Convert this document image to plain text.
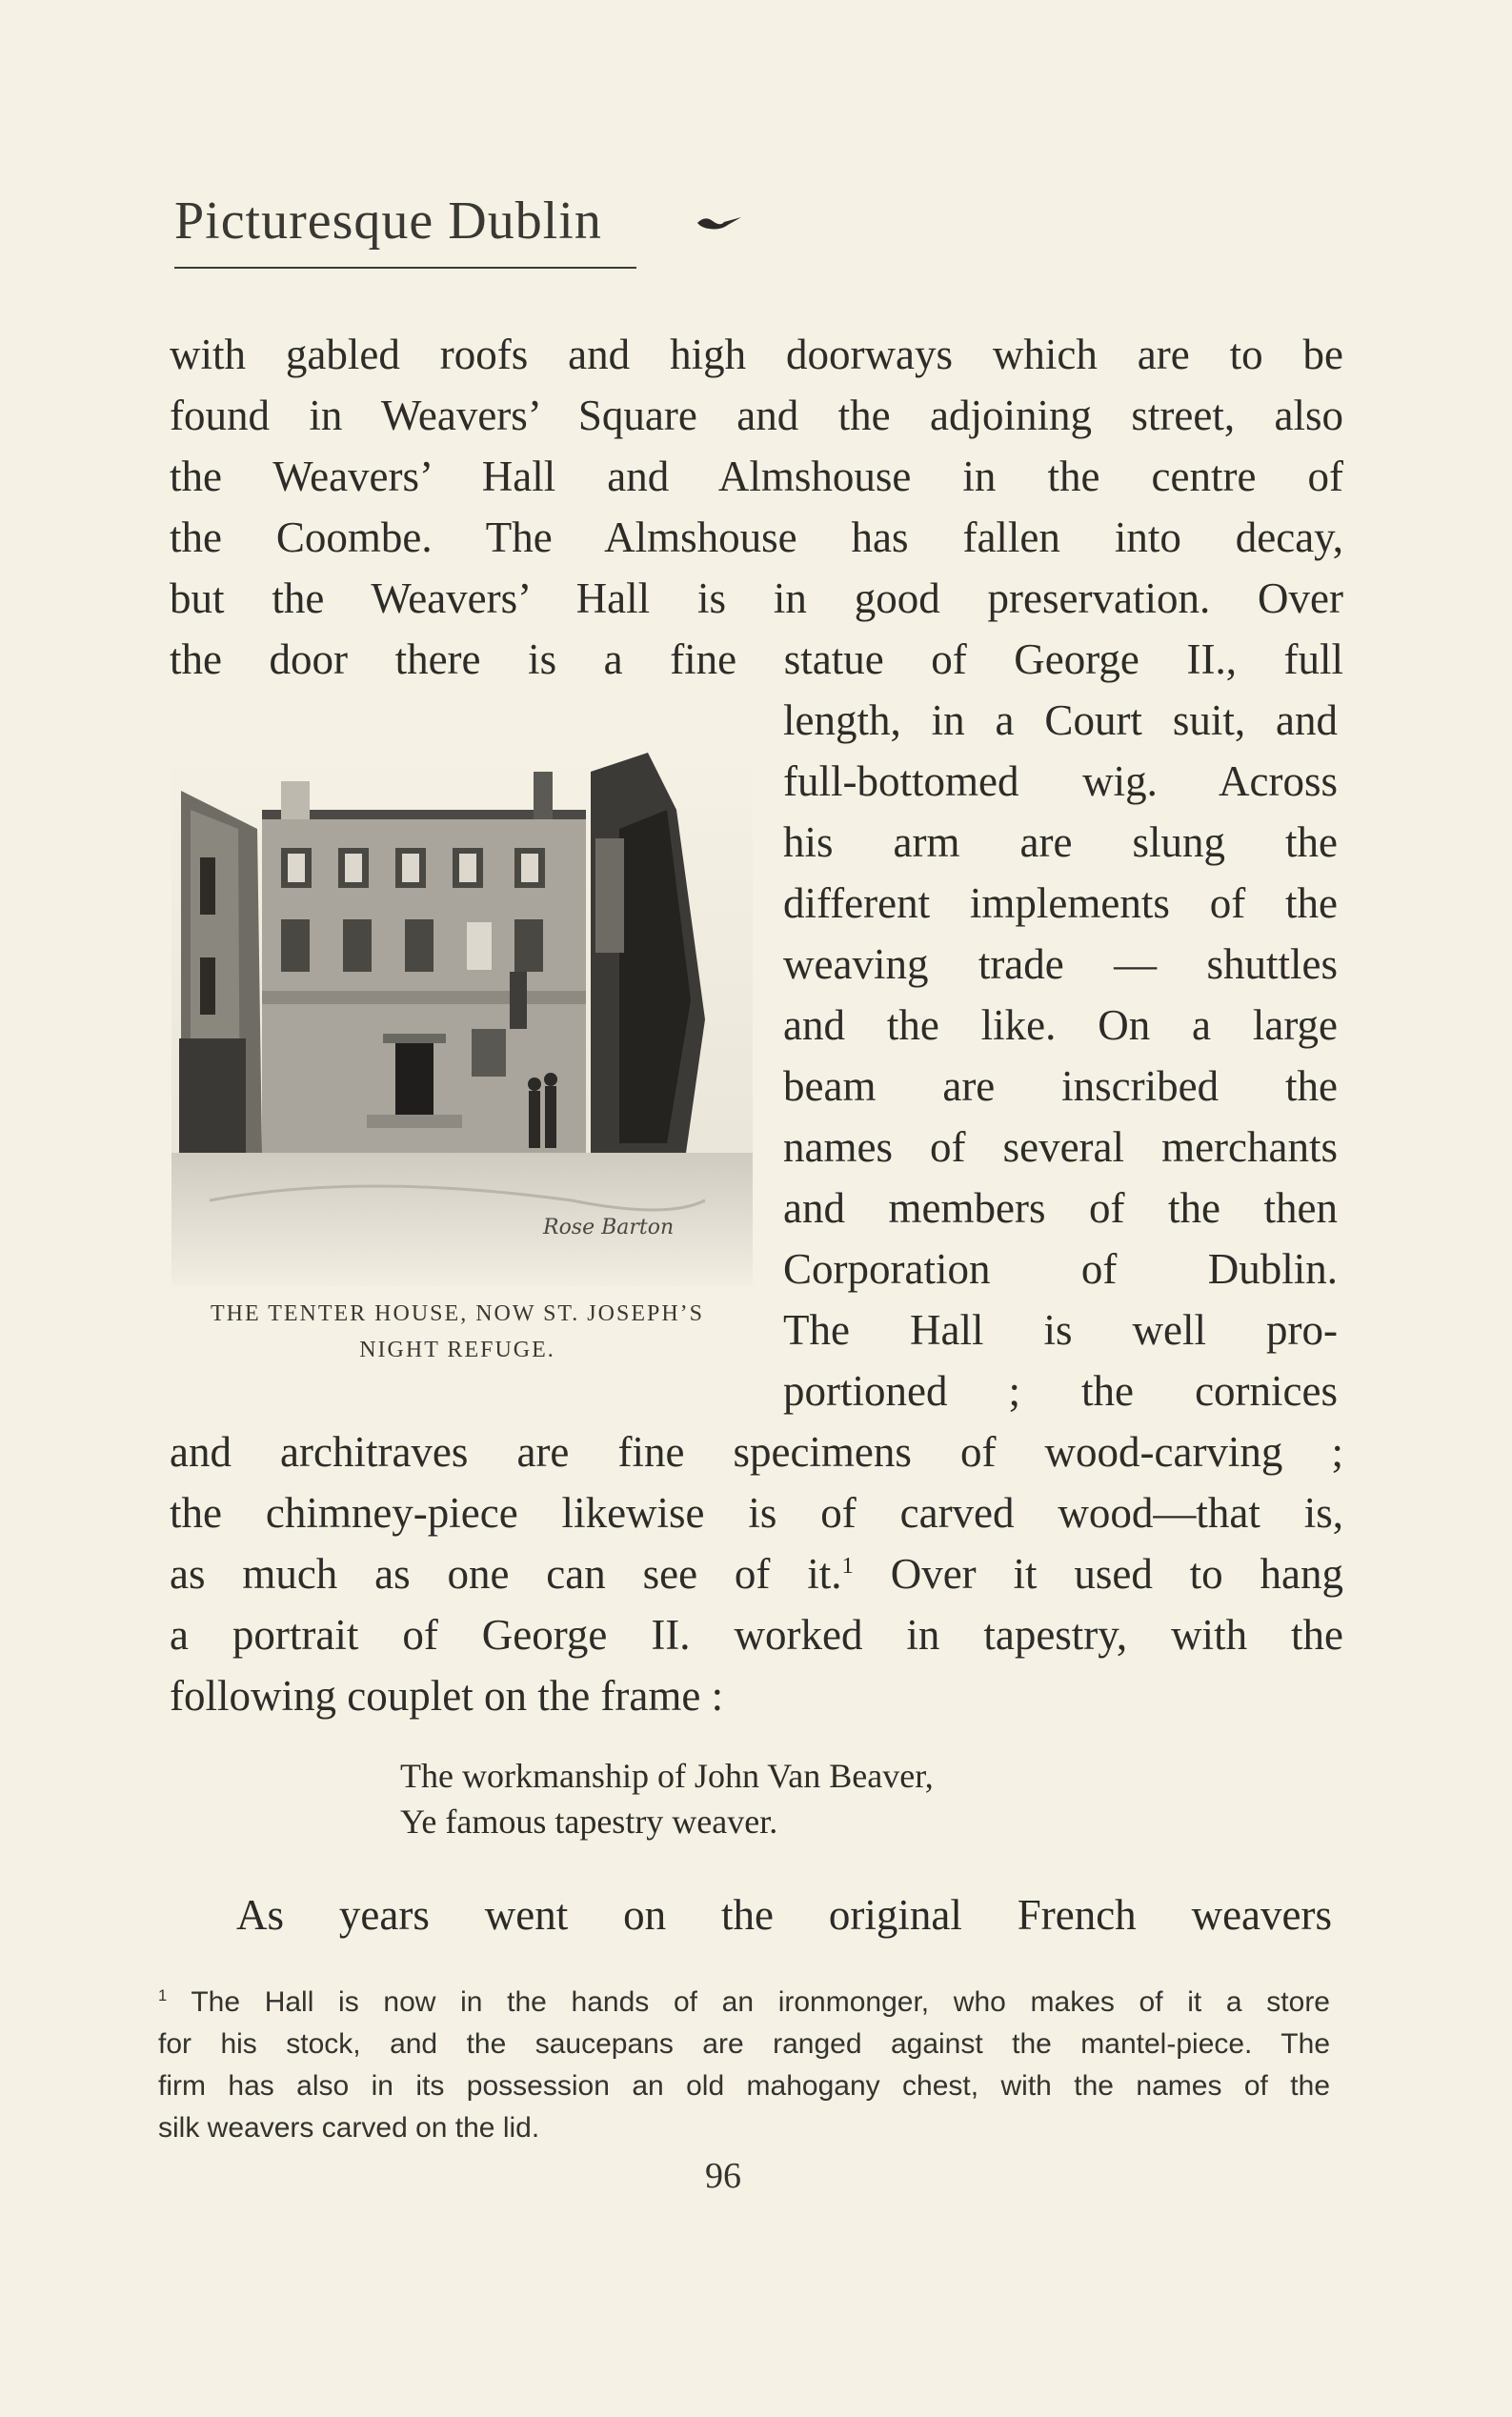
Picturesque Dublin
with gabled roofs and high doorways which are to be
found in Weavers’ Square and the adjoining street, also
the Weavers’ Hall and Almshouse in the centre of
the Coombe. The Almshouse has fallen into decay,
but the Weavers’ Hall is in good preservation. Over
the door there is a fine statue of George II., full
length, in a Court suit, and
full-bottomed wig. Across
his arm are slung the
different implements of the
weaving trade — shuttles
and the like. On a large
beam are inscribed the
names of several merchants
and members of the then
Corporation of Dublin.
The Hall is well pro-
portioned ; the cornices
Rose Barton
THE TENTER HOUSE, NOW ST. JOSEPH’S
NIGHT REFUGE.
and architraves are fine specimens of wood-carving ;
the chimney-piece likewise is of carved wood—that is,
as much as one can see of it.$^1$ Over it used to hang
a portrait of George II. worked in tapestry, with the
following couplet on the frame :
The workmanship of John Van Beaver,
Ye famous tapestry weaver.
As years went on the original French weavers
$^1$ The Hall is now in the hands of an ironmonger, who makes of it a store
for his stock, and the saucepans are ranged against the mantel-piece. The
firm has also in its possession an old mahogany chest, with the names of the
silk weavers carved on the lid.
96
